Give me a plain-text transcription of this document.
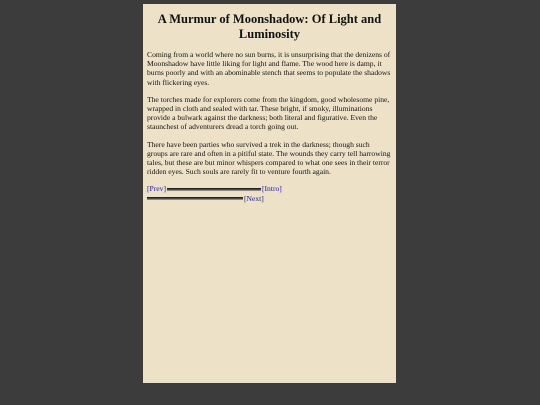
A Murmur of Moonshadow: Of Light and Luminosity

Coming from a world where no sun burns, it is unsurprising that the denizens of Moonshadow have little liking for light and flame. The wood here is damp, it burns poorly and with an abominable stench that seems to populate the shadows with flickering eyes.

The torches made for explorers come from the kingdom, good wholesome pine, wrapped in cloth and sealed with tar. These bright, if smoky, illuminations provide a bulwark against the darkness; both literal and figurative. Even the staunchest of adventurers dread a torch going out.

There have been parties who survived a trek in the darkness; though such groups are rare and often in a pitiful state. The wounds they carry tell harrowing tales, but these are but minor whispers compared to what one sees in their terror ridden eyes. Such souls are rarely fit to venture fourth again.

[Prev]	[Intro]
[Next]
